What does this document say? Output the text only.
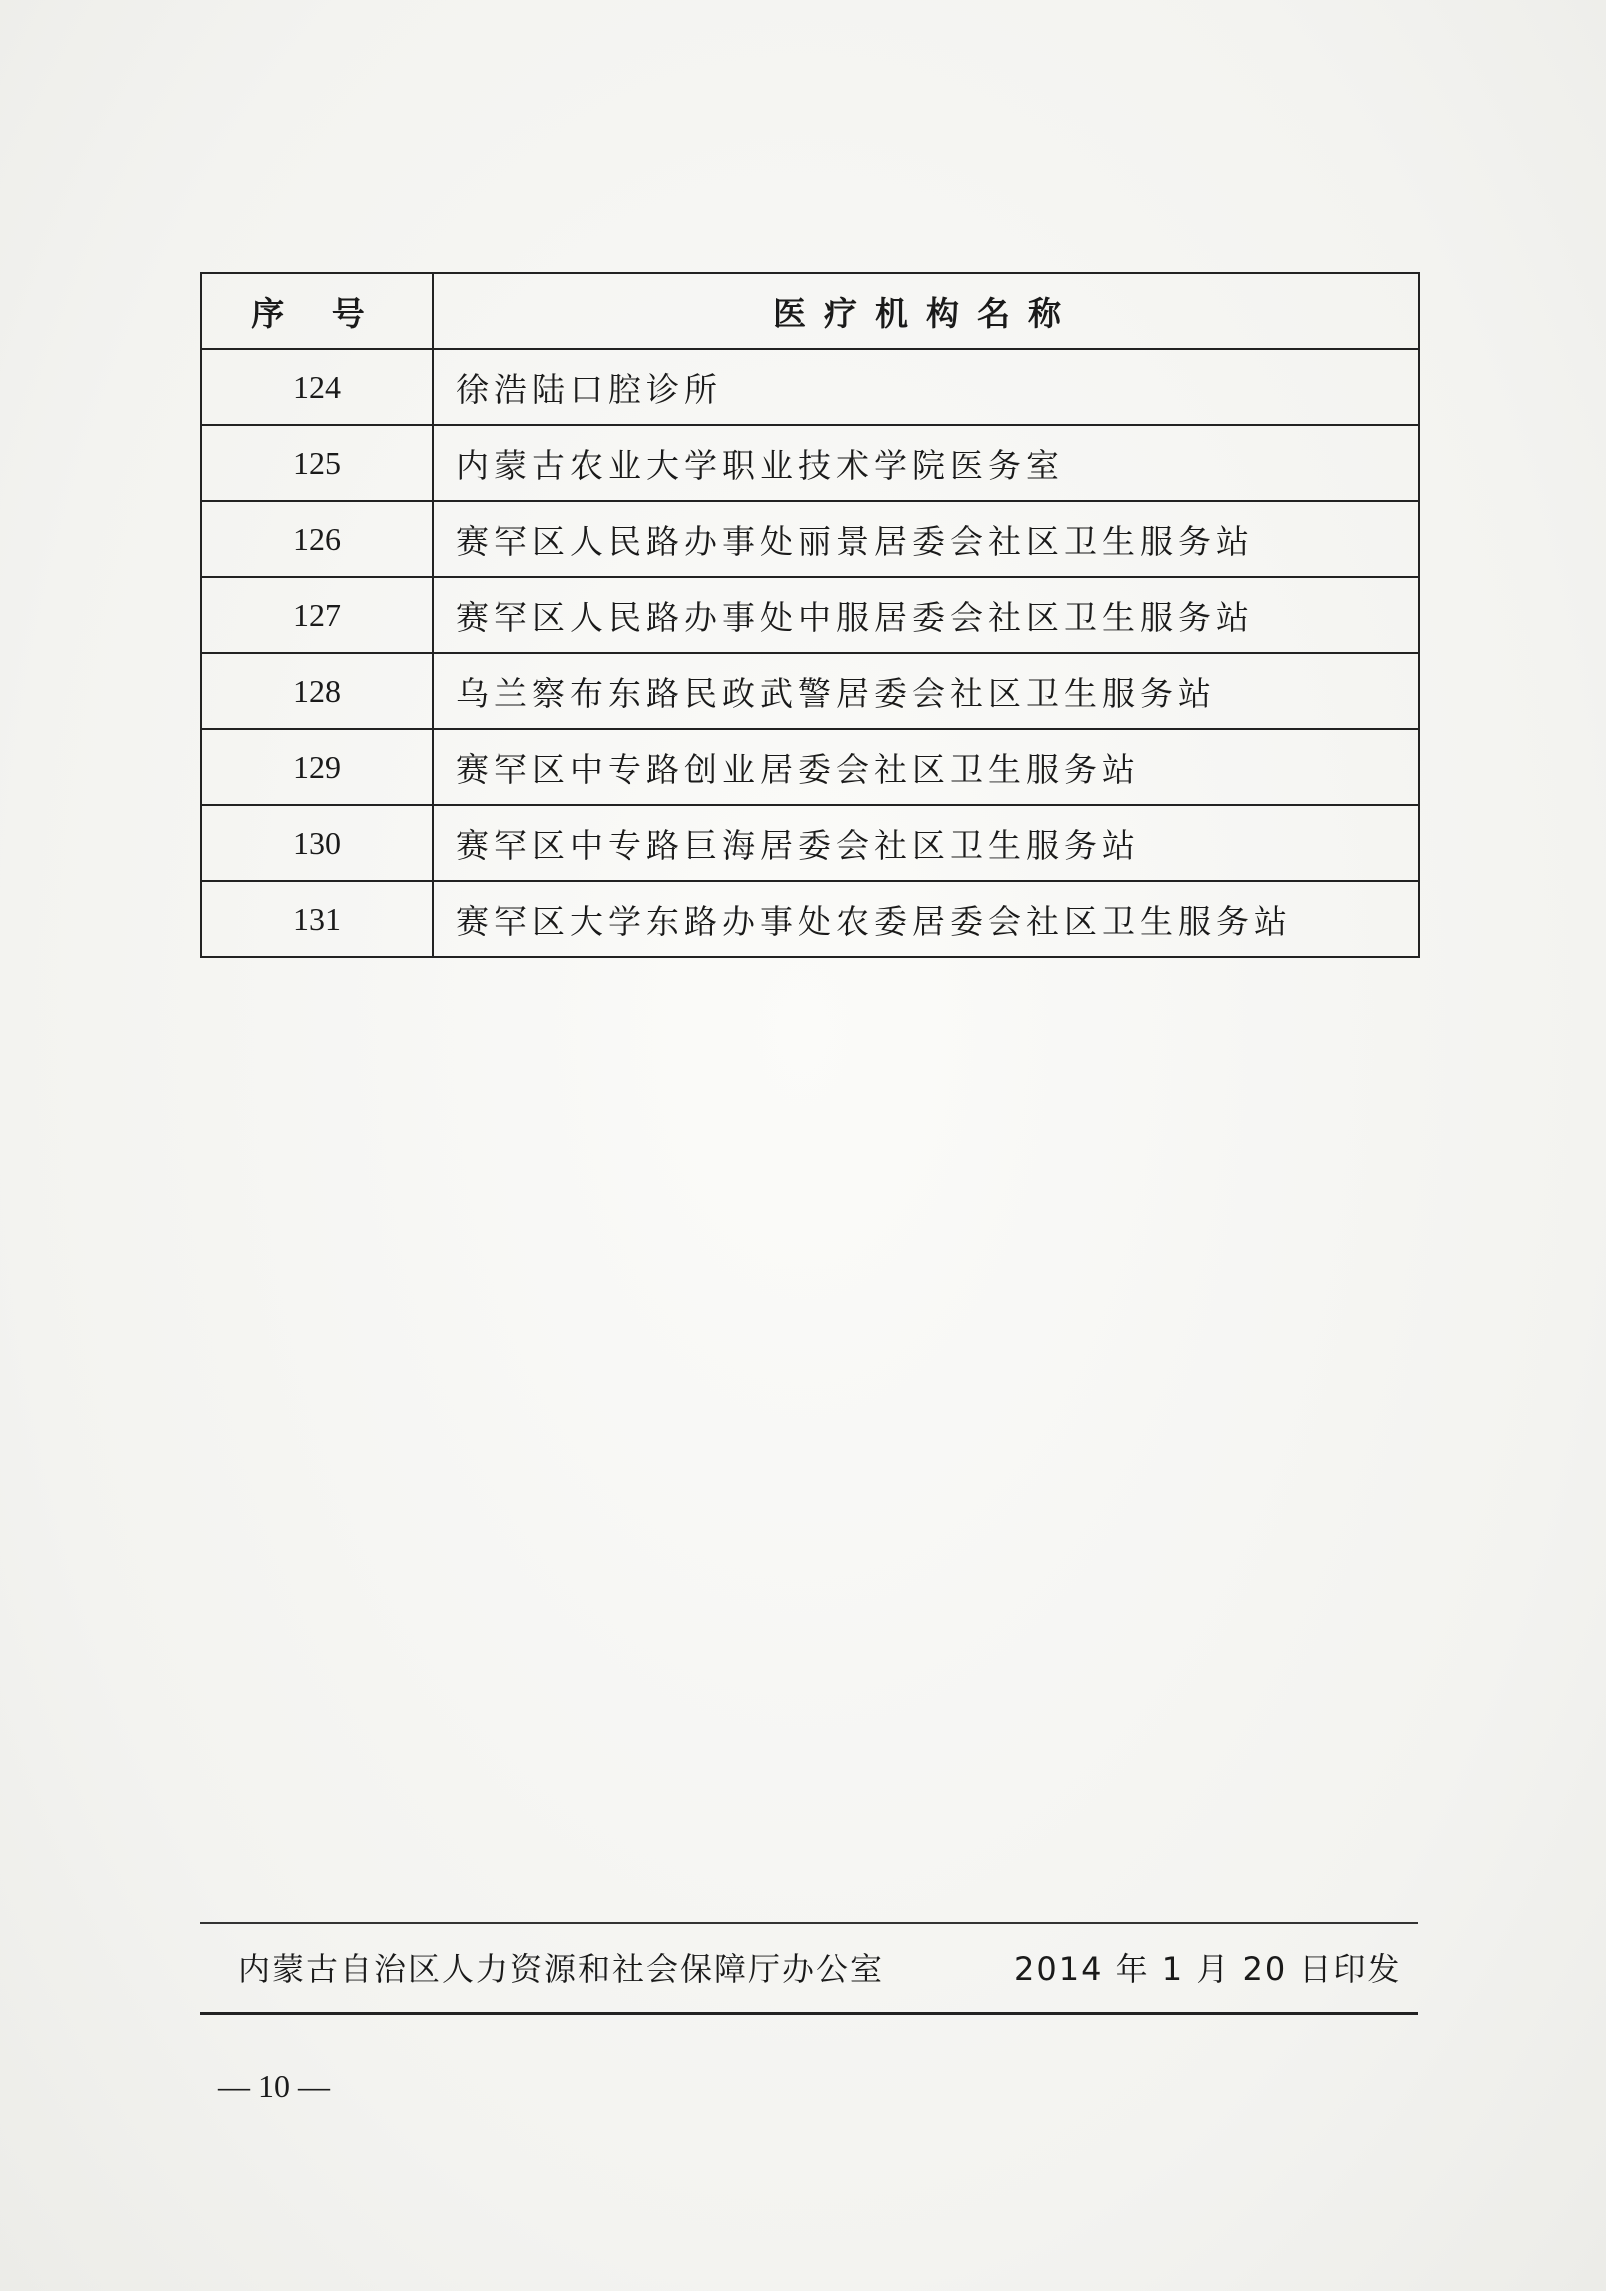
序 号	医疗机构名称
124	徐浩陆口腔诊所
125	内蒙古农业大学职业技术学院医务室
126	赛罕区人民路办事处丽景居委会社区卫生服务站
127	赛罕区人民路办事处中服居委会社区卫生服务站
128	乌兰察布东路民政武警居委会社区卫生服务站
129	赛罕区中专路创业居委会社区卫生服务站
130	赛罕区中专路巨海居委会社区卫生服务站
131	赛罕区大学东路办事处农委居委会社区卫生服务站
内蒙古自治区人力资源和社会保障厅办公室	2014 年 1 月 20 日印发
— 10 —
